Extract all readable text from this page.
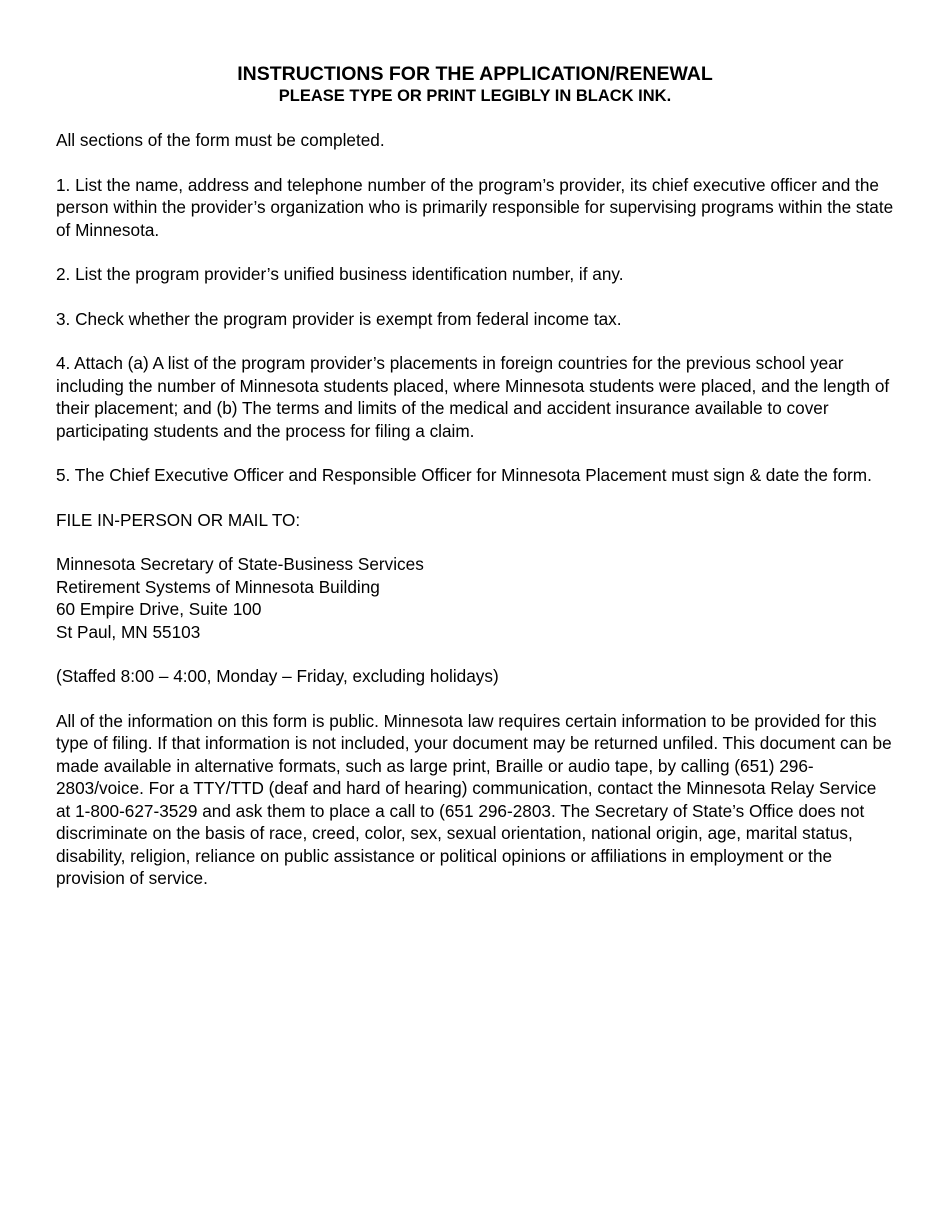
INSTRUCTIONS FOR THE APPLICATION/RENEWAL
PLEASE TYPE OR PRINT LEGIBLY IN BLACK INK.

All sections of the form must be completed.

1. List the name, address and telephone number of the program’s provider, its chief executive officer and the person within the provider’s organization who is primarily responsible for supervising programs within the state of Minnesota.

2. List the program provider’s unified business identification number, if any.

3. Check whether the program provider is exempt from federal income tax.

4. Attach (a) A list of the program provider’s placements in foreign countries for the previous school year including the number of Minnesota students placed, where Minnesota students were placed, and the length of their placement; and (b) The terms and limits of the medical and accident insurance available to cover participating students and the process for filing a claim.

5. The Chief Executive Officer and Responsible Officer for Minnesota Placement must sign & date the form.

FILE IN-PERSON OR MAIL TO:

Minnesota Secretary of State-Business Services
Retirement Systems of Minnesota Building
60 Empire Drive, Suite 100
St Paul, MN 55103

(Staffed 8:00 – 4:00, Monday – Friday, excluding holidays)

All of the information on this form is public. Minnesota law requires certain information to be provided for this type of filing. If that information is not included, your document may be returned unfiled. This document can be made available in alternative formats, such as large print, Braille or audio tape, by calling (651) 296-2803/voice. For a TTY/TTD (deaf and hard of hearing) communication, contact the Minnesota Relay Service at 1-800-627-3529 and ask them to place a call to (651 296-2803. The Secretary of State’s Office does not discriminate on the basis of race, creed, color, sex, sexual orientation, national origin, age, marital status, disability, religion, reliance on public assistance or political opinions or affiliations in employment or the provision of service.
